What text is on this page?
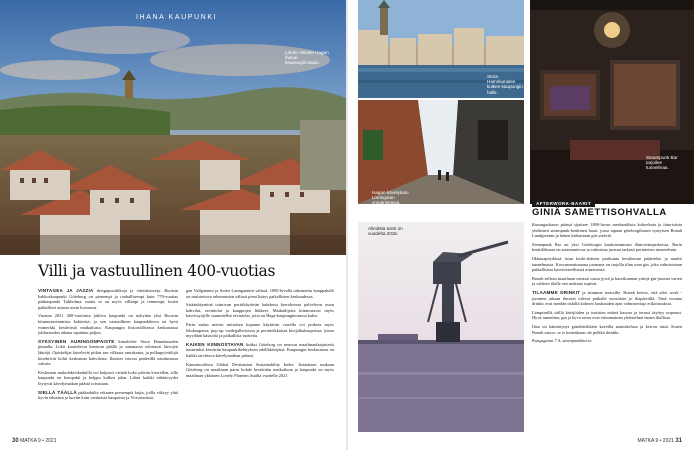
IHANA KAUPUNKI
Lähde retkelle Hagan ihanai-kaupunginosaan.
Villi ja vastuullinen 400-vuotias

VINTAGEA JA JAZZIA designpuotikkoja ja viiniitistoreja. Ruotsin kakkoskaupunki Göteborg on pienempi ja rauhallisempi kuin 770-vuotias pääkaupunki Tukholma, mutta se on myös villimpi ja rennompi, kuten paikalliset asiasta usein kuvaavat.

Vuonna 2021 400-vuotiasta juhliva kaupunki on nykyään yksi Ruotsin kiinnostavimmista kohteista, ja sen vastuullinen kaupunkikuva on hyvä esimerkki kestävästä matkailusta. Kaupungin historiallisessa keskustassa juhlavuoden aikana tapahtuu paljon.

SYKSYINEN AURINGONPAISTE kimaltelee Stora Hamnkanalen pinnalla. Lokit kaartelevat kanavan päällä ja satamassa odottavat laivojen lähtöjä. Opiskelijat kävelevät pitkin sen vilkasta rantakatua, ja polkupyöräilijät kiirehtivät kohti keskustan kahviloita. Ihmiset istuvat penkeillä nauttimassa valosta.

Keskustan mukulakivikaduilla voi helposti viettää koko päivän kierrellen, sillä kaupunki on kompakti ja helppo kulkea jalan. Lähes kaikki nähtävyydet löytyvät kävelymatkan päästä toisistaan.

SIELLÄ TÄÄLLÄ pääkaduilta erkanee pienempiä kujia, joilla viihtyy yhtä hyvin tehtaista ja kuviin kuin vanhoista kaupoista ja Victorianista.

gan Vallgatanin ja Sodra Larmgatanin välissä. 1800-luvulla rakennettu kauppahalli on muistettava rakennusten välissä pieni lisäys paikallisten keskuudessa.

Sisäänkäyntinä toimivan porttikäytävän kahdessa kerroksessa palvelevat useat kahvilat, ravintolat ja kauppojen liikkeet. Matkailijoita kiinnostavat myös kasvissyöjille suunnitellut ravintolat, joita on Haga-kaupunginosassa kaksi.

Parin sadan metrin mittaisen kujanne käytävän varrella voi poiketa myös lelukaupassa, pop up -taidegallerioissa ja perinteikkäissä kivijalkakaupoissa, joissa myydään käsitöitä ja paikallisia tuotteita.

KAIKEN KIINNOSTAVAN lisäksi Göteborg on noussut maailmanlaajuisesti tunnetuksi kestävän kaupunkikehityksen edelläkävijänä. Kaupungin keskustassa on kaikki tarvittava kävelymatkan päässä.

Kansainvälisen Global Destination Sustainability Index -listauksen mukaan Göteborg on maailman paras kohde kestävään matkailuun ja kaupunki on myös maailman ykkönen Lonely Planetin listalla vuodelle 2021.

30 MATKA 9 • 2021
Stora Hamnkanalen kulkee kaupungin halki.
Hagan kävelykatu Linnégatan ympäristössä.
Steampunk Bar tarjoilee tunnelmaa.
Alimitsta toimi on vuodelta 2015.
AFTERWORK-BAARIT
GINIÄ SAMETTISOHVALLA

Kuningaskaton päässä sijaitsee 1800-luvun merkantilisia kokoelmia ja futuristista yhdistävä steampunk-henkinen baari, jossa tapaan göteborgilaisen syntyisen Bonah Lundgreenin ja hänen kaltaisiaan gin-ystäviä.

Steampunk Bar on yksi Göteborgin kuuluisimmista illanviettopaikoista. Barin henkilökunta on asiantuntevaa ja valmistaa juomat tarkasti perinteisin menetelmin.

Ilkkunapöydässä istuu keski-ikäisen parikunta kesäloman päätteeksi ja nauttii tunnelmasta. Korvaamattomana juomana on tarjolla tilan oma gin, joka valmistetaan paikallisista kasvitieteellisistä ainesosista.

Bonah sellaisi maailman mestari uusia jyviä ja kasvikunnan yrttejä gin-juomia varten ja valitsee tilalle sen mukaan sopivat.

TILAAMME DRINKIT ja istumme terassille. Bonah kertoo, että after work -juomien aikaan ihmiset tulevat paikalle vuosittain jo iltapäivällä. Tänä vuonna drinkit ovat meidän tiskillä kolmen kuukauden ajan valmistettuja erikoisuuksia.

Lämpimillä säillä kävijöiden ja turistien määrä kasvaa ja terassi täyttyy nopeasti. Hyvä tunnelma, gin ja hyvä seura ovat erinomainen yhdistelmä ennen illallista.

Iltaa on hämärtynyt gönditteikkien kaveilla nautiskelusa ja kerron tästä. Kuten Bonah sanoo: se ei kuitenkaan ole pelkkä drinkki.

Kungsgatan 7 A, steampunkbar.se

MATKA 9 • 2021 31
